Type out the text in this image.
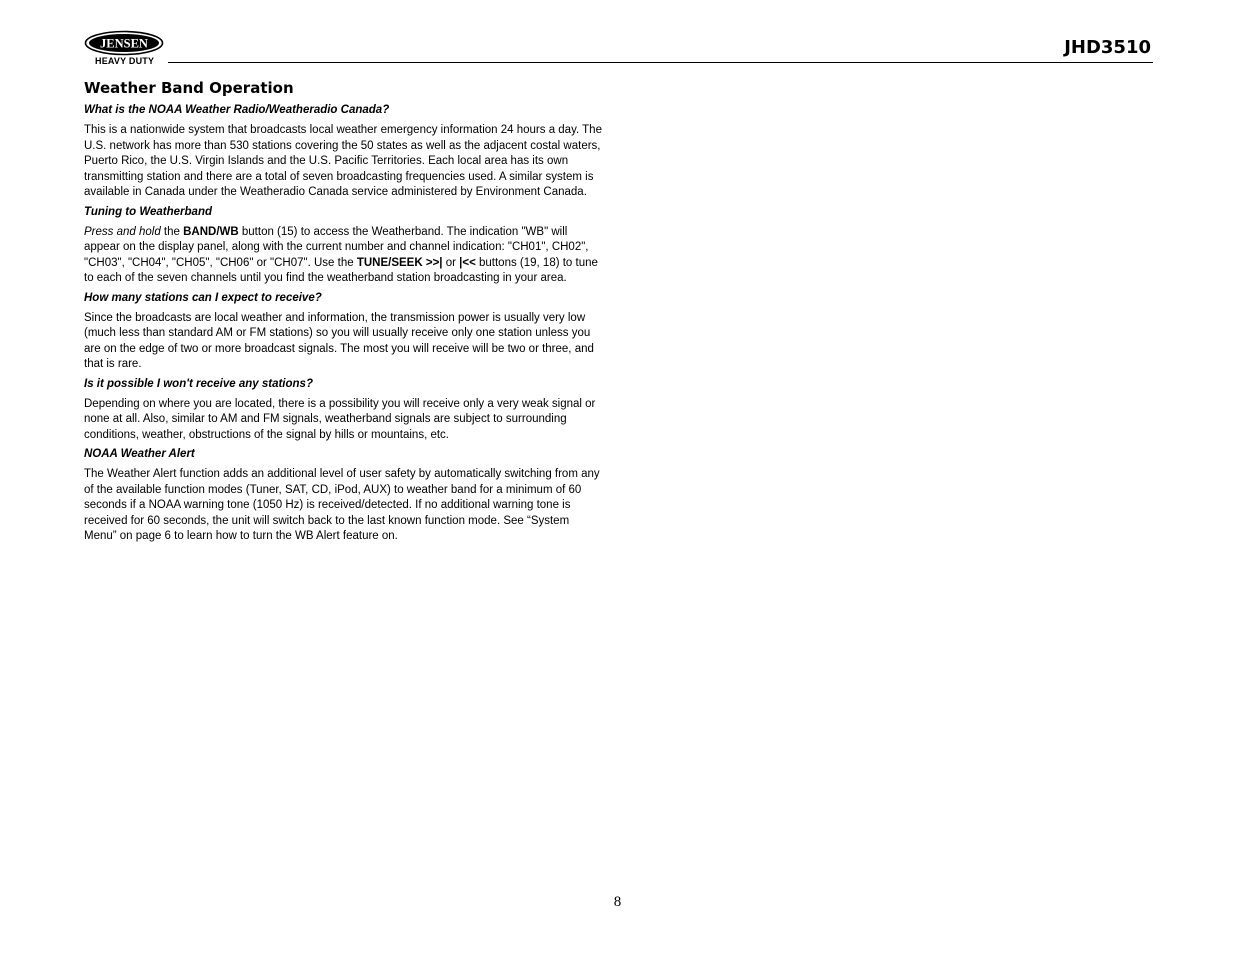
JENSEN
HEAVY DUTY
JHD3510
Weather Band Operation
What is the NOAA Weather Radio/Weatheradio Canada?
This is a nationwide system that broadcasts local weather emergency information 24 hours a day. The U.S. network has more than 530 stations covering the 50 states as well as the adjacent costal waters, Puerto Rico, the U.S. Virgin Islands and the U.S. Pacific Territories. Each local area has its own transmitting station and there are a total of seven broadcasting frequencies used. A similar system is available in Canada under the Weatheradio Canada service administered by Environment Canada.
Tuning to Weatherband
Press and hold the BAND/WB button (15) to access the Weatherband. The indication "WB" will appear on the display panel, along with the current number and channel indication: "CH01", CH02", "CH03", "CH04", "CH05", "CH06" or "CH07". Use the TUNE/SEEK >>| or |<< buttons (19, 18) to tune to each of the seven channels until you find the weatherband station broadcasting in your area.
How many stations can I expect to receive?
Since the broadcasts are local weather and information, the transmission power is usually very low (much less than standard AM or FM stations) so you will usually receive only one station unless you are on the edge of two or more broadcast signals. The most you will receive will be two or three, and that is rare.
Is it possible I won't receive any stations?
Depending on where you are located, there is a possibility you will receive only a very weak signal or none at all. Also, similar to AM and FM signals, weatherband signals are subject to surrounding conditions, weather, obstructions of the signal by hills or mountains, etc.
NOAA Weather Alert
The Weather Alert function adds an additional level of user safety by automatically switching from any of the available function modes (Tuner, SAT, CD, iPod, AUX) to weather band for a minimum of 60 seconds if a NOAA warning tone (1050 Hz) is received/detected. If no additional warning tone is received for 60 seconds, the unit will switch back to the last known function mode. See “System Menu” on page 6 to learn how to turn the WB Alert feature on.
8
